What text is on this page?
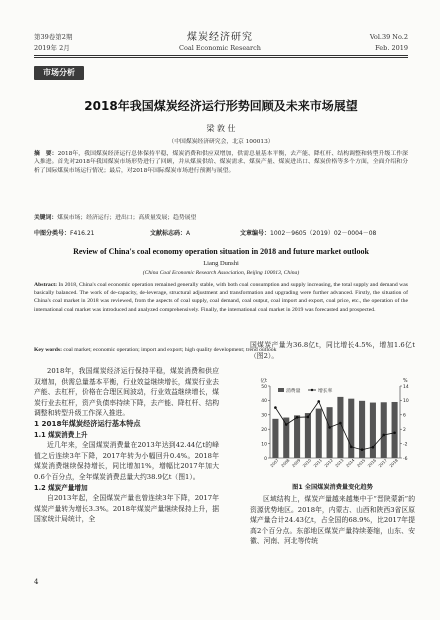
第39卷第2期
2019年 2月
煤炭经济研究
Coal Economic Research
Vol.39 No.2
Feb. 2019
市场分析
2018年我国煤炭经济运行形势回顾及未来市场展望
梁 敦 仕
（中国煤炭经济研究会，北京 100013）
摘　要：2018年，我国煤炭经济运行总体保持平稳，煤炭消费和供应双增加，供需总量基本平衡，去产能、降杠杆、结构调整和转型升级工作深入推进。首先对2018年我国煤炭市场形势进行了回顾，并从煤炭供给、煤炭需求、煤炭产量、煤炭进出口、煤炭价格等多个方面，全面介绍和分析了国际煤炭市场运行情况；最后，对2018年国际煤炭市场进行预测与展望。
关键词：煤炭市场；经济运行；进出口；高质量发展；趋势展望
中图分类号：F416.21	文献标志码：A	文章编号：1002－9605（2019）02－0004－08
Review of China's coal economy operation situation in 2018 and future market outlook
Liang Dunshi
(China Coal Economic Research Association, Beijing 100013, China)
Abstract: In 2018, China's coal economic operation remained generally stable, with both coal consumption and supply increasing, the total supply and demand was basically balanced. The work of de-capacity, de-leverage, structural adjustment and transformation and upgrading were further advanced. Firstly, the situation of China's coal market in 2018 was reviewed, from the aspects of coal supply, coal demand, coal output, coal import and export, coal price, etc., the operation of the international coal market was introduced and analyzed comprehensively. Finally, the international coal market in 2019 was forecasted and prospected.
Key words: coal market; economic operation; import and export; high quality development; trend outlook

2018年，我国煤炭经济运行保持平稳，煤炭消费和供应双增加，供需总量基本平衡，行业效益继续增长，煤炭行业去产能、去杠杆，价格在合理区间波动，行业效益继续增长，煤炭行业去杠杆，资产负债率持续下降，去产能、降杠杆、结构调整和转型升级工作深入推进。

1 2018年煤炭经济运行基本特点

1.1 煤炭消费上升

近几年来，全国煤炭消费量在2013年达到42.44亿t的峰值之后连续3年下降，2017年转为小幅回升0.4%。2018年煤炭消费继续保持增长，同比增加1%，增幅比2017年加大0.6个百分点，全年煤炭消费总量大约38.9亿t（图1）。

1.2 煤炭产量增加

自2013年起，全国煤炭产量也曾连续3年下降，2017年煤炭产量转为增长3.3%。2018年煤炭产量继续保持上升，据国家统计局统计，全

国煤炭产量为36.8亿t，同比增长4.5%，增加1.6亿t（图2）。

0
10
20
30
40
50
-6
-2
2
6
10
14
亿t	%
消费量	增长率
2007 2008 2009 2010 2011 2012 2013 2014 2015 2016 2017 2018
图1 全国煤炭消费量变化趋势

区域结构上，煤炭产量越来越集中于“晋陕蒙新”的资源优势地区。2018年，内蒙古、山西和陕西3省区原煤产量合计24.43亿t，占全国的68.9%，比2017年提高2个百分点。东部地区煤炭产量持续萎缩，山东、安徽、河南、河北等传统

4
